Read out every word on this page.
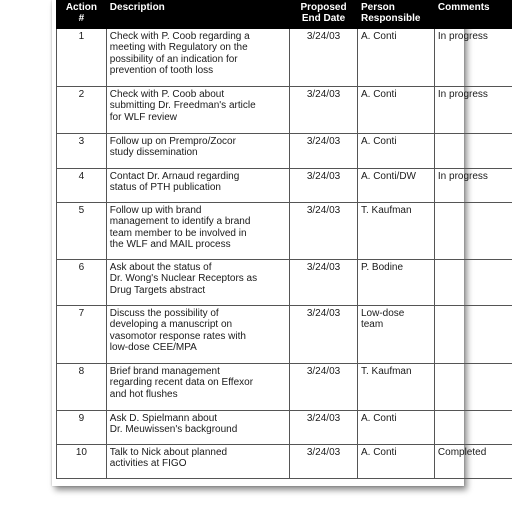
Action
#	Description	Proposed
End Date	Person
Responsible	Comments
1	Check with P. Coob regarding a
meeting with Regulatory on the
possibility of an indication for
prevention of tooth loss	3/24/03	A. Conti	In progress
2	Check with P. Coob about
submitting Dr. Freedman's article
for WLF review	3/24/03	A. Conti	In progress
3	Follow up on Prempro/Zocor
study dissemination	3/24/03	A. Conti	

4	Contact Dr. Arnaud regarding
status of PTH publication	3/24/03	A. Conti/DW	In progress
5	Follow up with brand
management to identify a brand
team member to be involved in
the WLF and MAIL process	3/24/03	T. Kaufman	

6	Ask about the status of
Dr. Wong's Nuclear Receptors as
Drug Targets abstract	3/24/03	P. Bodine	

7	Discuss the possibility of
developing a manuscript on
vasomotor response rates with
low-dose CEE/MPA	3/24/03	Low-dose
team	

8	Brief brand management
regarding recent data on Effexor
and hot flushes	3/24/03	T. Kaufman	

9	Ask D. Spielmann about
Dr. Meuwissen's background	3/24/03	A. Conti	

10	Talk to Nick about planned
activities at FIGO	3/24/03	A. Conti	Completed
